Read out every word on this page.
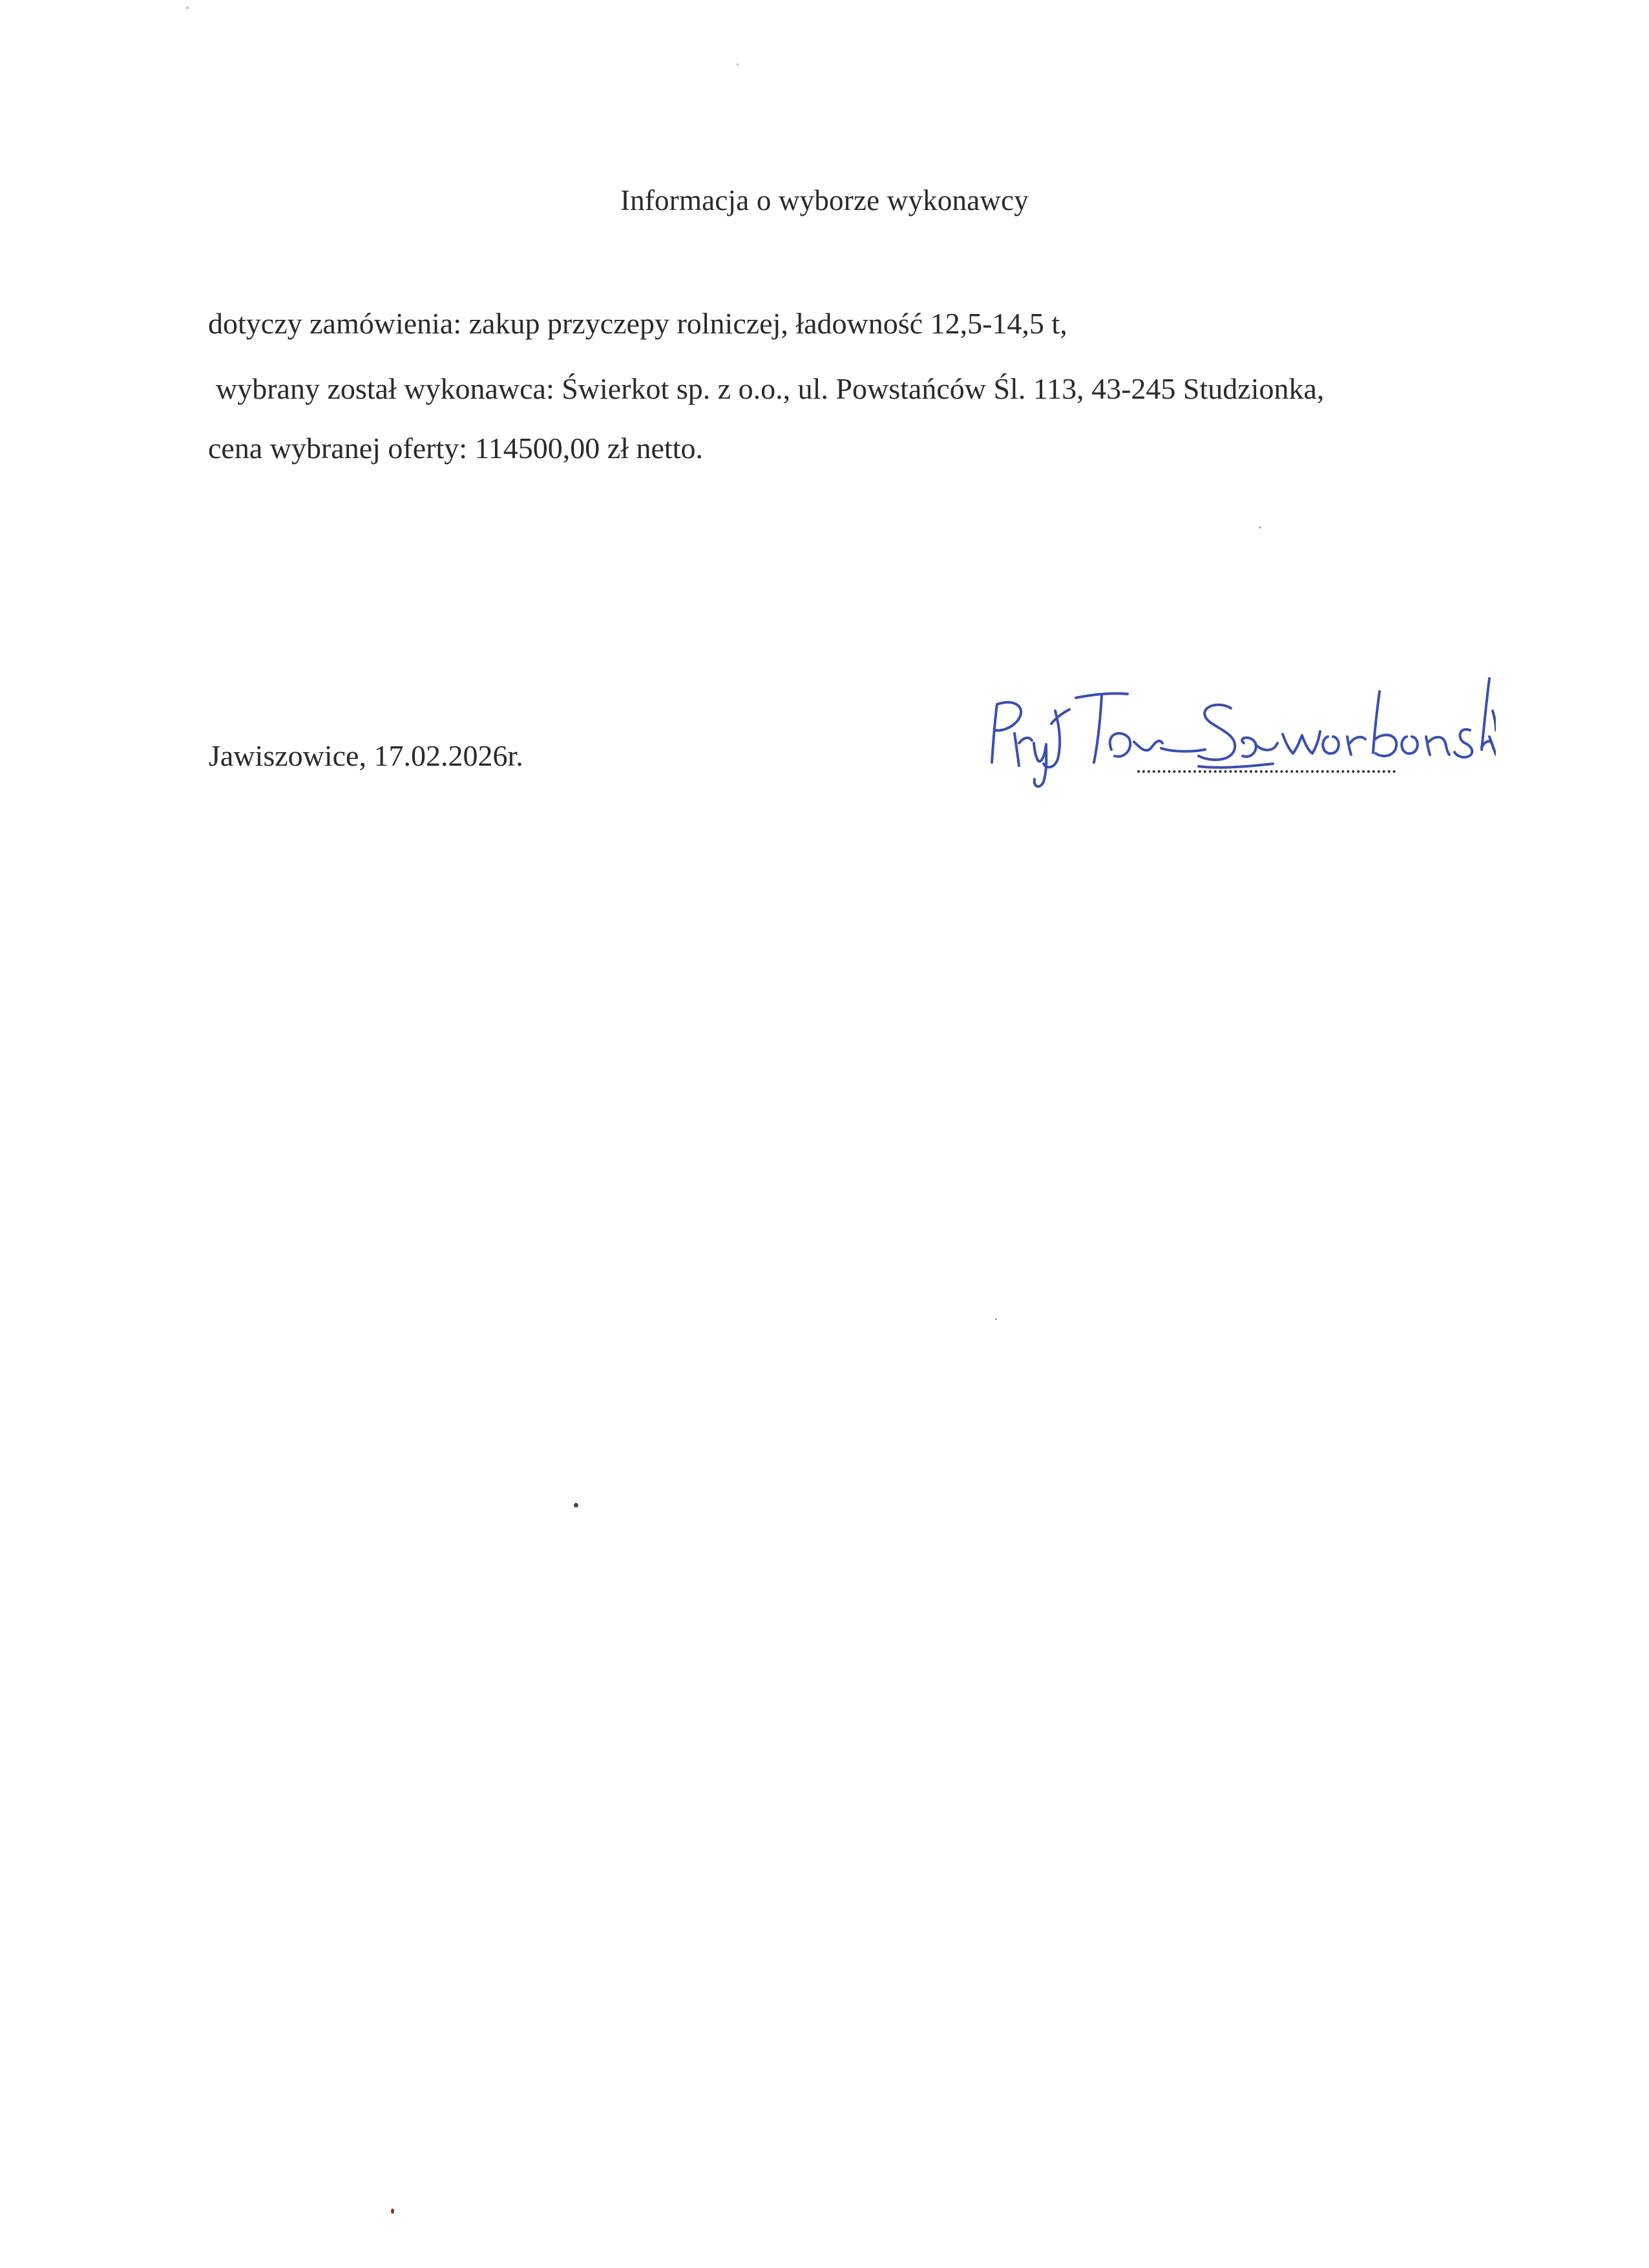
Informacja o wyborze wykonawcy
dotyczy zamówienia: zakup przyczepy rolniczej, ładowność 12,5-14,5 t,
wybrany został wykonawca: Świerkot sp. z o.o., ul. Powstańców Śl. 113, 43-245 Studzionka,
cena wybranej oferty: 114500,00 zł netto.
Jawiszowice, 17.02.2026r.
